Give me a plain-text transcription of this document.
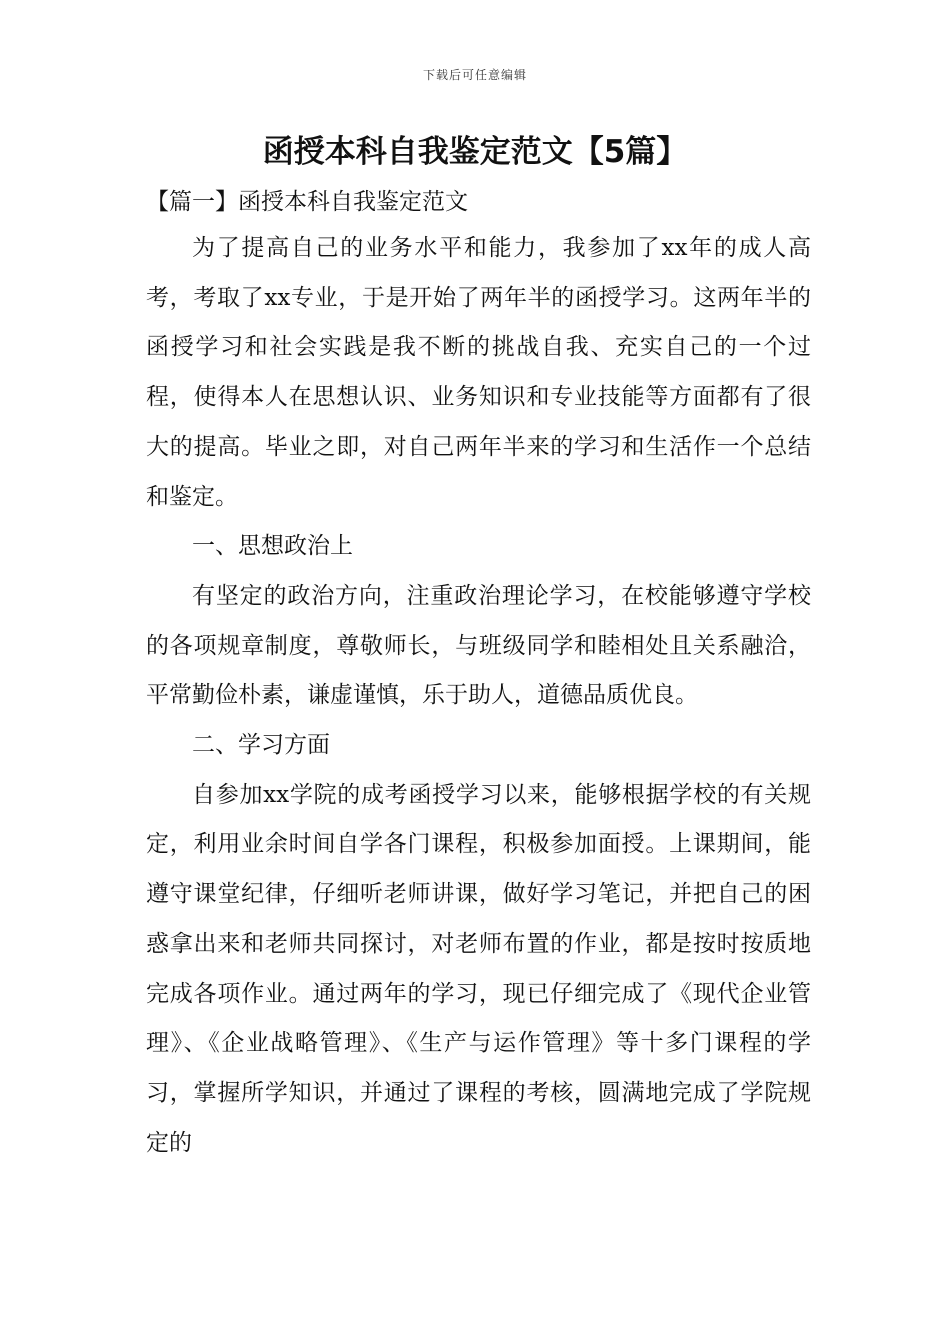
下载后可任意编辑
函授本科自我鉴定范文【5篇】
【篇一】函授本科自我鉴定范文

为了提高自己的业务水平和能力，我参加了xx年的成人高考，考取了xx专业，于是开始了两年半的函授学习。这两年半的函授学习和社会实践是我不断的挑战自我、充实自己的一个过程，使得本人在思想认识、业务知识和专业技能等方面都有了很大的提高。毕业之即，对自己两年半来的学习和生活作一个总结和鉴定。

一、思想政治上

有坚定的政治方向，注重政治理论学习，在校能够遵守学校的各项规章制度，尊敬师长，与班级同学和睦相处且关系融洽，平常勤俭朴素，谦虚谨慎，乐于助人，道德品质优良。

二、学习方面

自参加xx学院的成考函授学习以来，能够根据学校的有关规定，利用业余时间自学各门课程，积极参加面授。上课期间，能遵守课堂纪律，仔细听老师讲课，做好学习笔记，并把自己的困惑拿出来和老师共同探讨，对老师布置的作业，都是按时按质地完成各项作业。通过两年的学习，现已仔细完成了《现代企业管理》、《企业战略管理》、《生产与运作管理》等十多门课程的学习，掌握所学知识，并通过了课程的考核，圆满地完成了学院规定的
